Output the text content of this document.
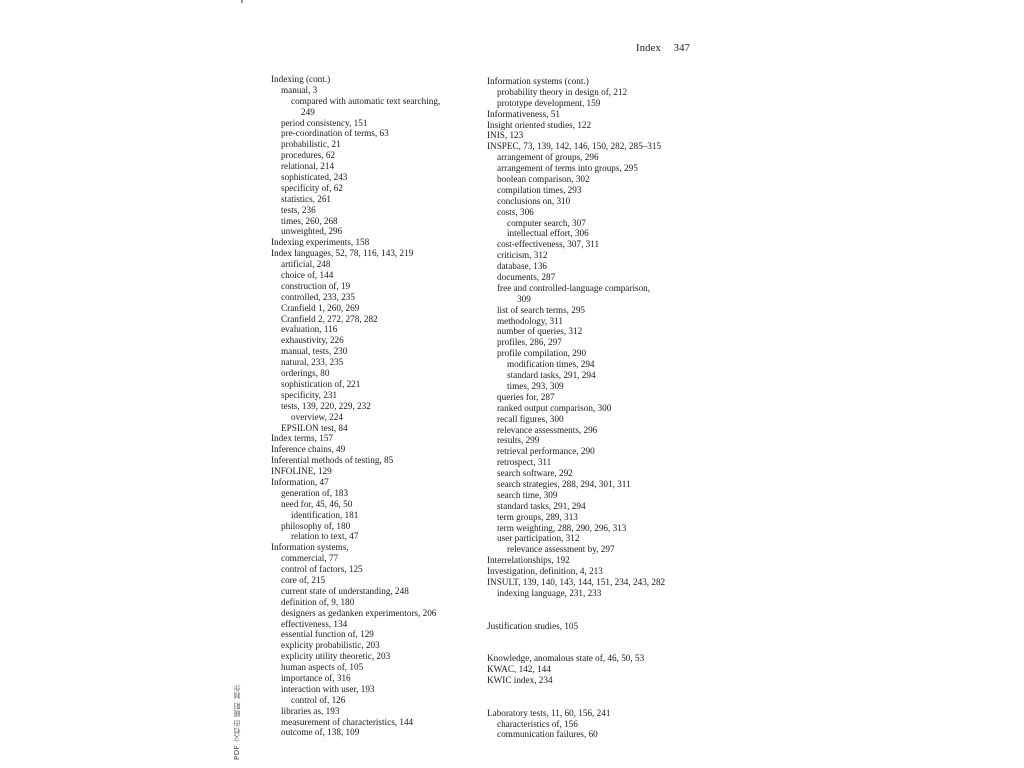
Index 347
Indexing (cont.)
manual, 3
compared with automatic text searching,
249
period consistency, 151
pre-coordination of terms, 63
probabilistic, 21
procedures, 62
relational, 214
sophisticated, 243
specificity of, 62
statistics, 261
tests, 236
times, 260, 268
unweighted, 296
Indexing experiments, 158
Index languages, 52, 78, 116, 143, 219
artificial, 248
choice of, 144
construction of, 19
controlled, 233, 235
Cranfield 1, 260, 269
Cranfield 2, 272, 278, 282
evaluation, 116
exhaustivity, 226
manual, tests, 230
natural, 233, 235
orderings, 80
sophistication of, 221
specificity, 231
tests, 139, 220, 229, 232
overview, 224
EPSILON test, 84
Index terms, 157
Inference chains, 49
Inferential methods of testing, 85
INFOLINE, 129
Information, 47
generation of, 183
need for, 45, 46, 50
identification, 181
philosophy of, 180
relation to text, 47
Information systems,
commercial, 77
control of factors, 125
core of, 215
current state of understanding, 248
definition of, 9, 180
designers as gedanken experimentors, 206
effectiveness, 134
essential function of, 129
explicity probabilistic, 203
explicity utility theoretic, 203
human aspects of, 105
importance of, 316
interaction with user, 193
control of, 126
libraries as, 193
measurement of characteristics, 144
outcome of, 138, 109
Information systems (cont.)
probability theory in design of, 212
prototype development, 159
Informativeness, 51
Insight oriented studies, 122
INIS, 123
INSPEC, 73, 139, 142, 146, 150, 282, 285–315
arrangement of groups, 296
arrangement of terms into groups, 295
boolean comparison, 302
compilation times, 293
conclusions on, 310
costs, 306
computer search, 307
intellectual effort, 306
cost-effectiveness, 307, 311
criticism, 312
database, 136
documents, 287
free and controlled-language comparison,
309
list of search terms, 295
methodology, 311
number of queries, 312
profiles, 286, 297
profile compilation, 290
modification times, 294
standard tasks, 291, 294
times, 293, 309
queries for, 287
ranked output comparison, 300
recall figures, 300
relevance assessments, 296
results, 299
retrieval performance, 290
retrospect, 311
search software, 292
search strategies, 288, 294, 301, 311
search time, 309
standard tasks, 291, 294
term groups, 289, 313
term weighting, 288, 290, 296, 313
user participation, 312
relevance assessment by, 297
Interrelationships, 192
Investigation, definition, 4, 213
INSULT, 139, 140, 143, 144, 151, 234, 243, 282
indexing language, 231, 233
Justification studies, 105
Knowledge, anomalous state of, 46, 50, 53
KWAC, 142, 144
KWIC index, 234
Laboratory tests, 11, 60, 156, 241
characteristics of, 156
communication failures, 60
PDF 文档由 暖阳 制作
